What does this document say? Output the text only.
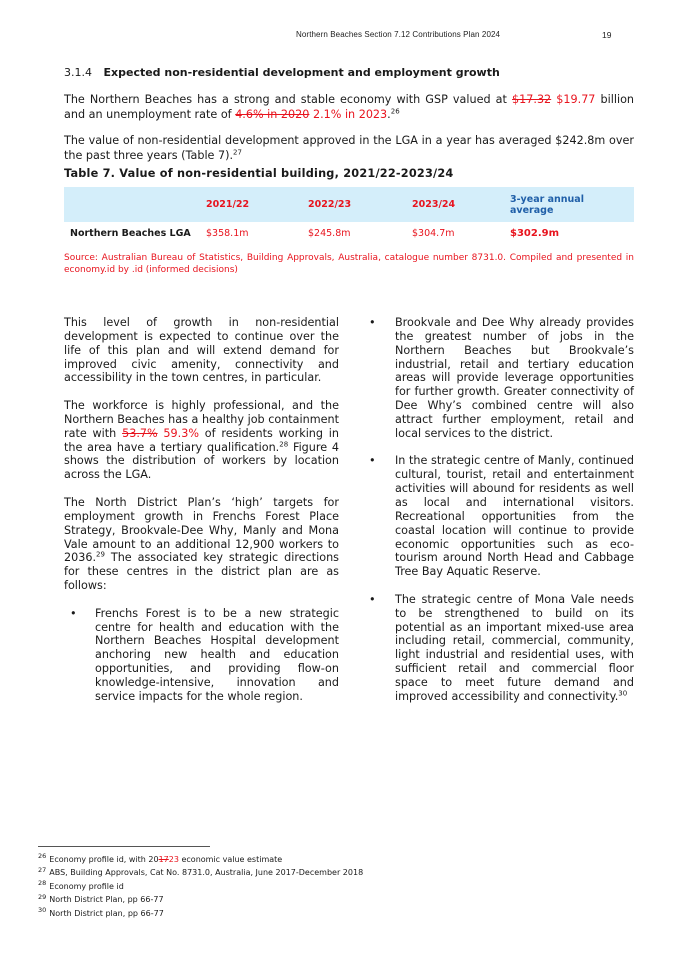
Northern Beaches Section 7.12 Contributions Plan 2024	19
3.1.4 Expected non-residential development and employment growth
The Northern Beaches has a strong and stable economy with GSP valued at $17.32 $19.77 billion and an unemployment rate of 4.6% in 2020 2.1% in 2023.26
The value of non-residential development approved in the LGA in a year has averaged $242.8m over the past three years (Table 7).$^{27}$
Table 7. Value of non-residential building, 2021/22-2023/24
	2021/22	2022/23	2023/24	3-year annual average
Northern Beaches LGA	$358.1m	$245.8m	$304.7m	$302.9m
Source: Australian Bureau of Statistics, Building Approvals, Australia, catalogue number 8731.0. Compiled and presented in economy.id by .id (informed decisions)

This level of growth in non-residential development is expected to continue over the life of this plan and will extend demand for improved civic amenity, connectivity and accessibility in the town centres, in particular.

The workforce is highly professional, and the Northern Beaches has a healthy job containment rate with 53.7% 59.3% of residents working in the area have a tertiary qualification.$^{28}$ Figure 4 shows the distribution of workers by location across the LGA.

The North District Plan’s ‘high’ targets for employment growth in Frenchs Forest Place Strategy, Brookvale-Dee Why, Manly and Mona Vale amount to an additional 12,900 workers to 2036.29 The associated key strategic directions for these centres in the district plan are as follows:

• Frenchs Forest is to be a new strategic centre for health and education with the Northern Beaches Hospital development anchoring new health and education opportunities, and providing flow-on knowledge-intensive, innovation and service impacts for the whole region.
• Brookvale and Dee Why already provides the greatest number of jobs in the Northern Beaches but Brookvale’s industrial, retail and tertiary education areas will provide leverage opportunities for further growth. Greater connectivity of Dee Why’s combined centre will also attract further employment, retail and local services to the district.
• In the strategic centre of Manly, continued cultural, tourist, retail and entertainment activities will abound for residents as well as local and international visitors. Recreational opportunities from the coastal location will continue to provide economic opportunities such as eco-tourism around North Head and Cabbage Tree Bay Aquatic Reserve.
• The strategic centre of Mona Vale needs to be strengthened to build on its potential as an important mixed-use area including retail, commercial, community, light industrial and residential uses, with sufficient retail and commercial floor space to meet future demand and improved accessibility and connectivity.$^{30}$
$^{26}$ Economy profile id, with 201723 economic value estimate
$^{27}$ ABS, Building Approvals, Cat No. 8731.0, Australia, June 2017-December 2018
$^{28}$ Economy profile id
$^{29}$ North District Plan, pp 66-77
$^{30}$ North District plan, pp 66-77
